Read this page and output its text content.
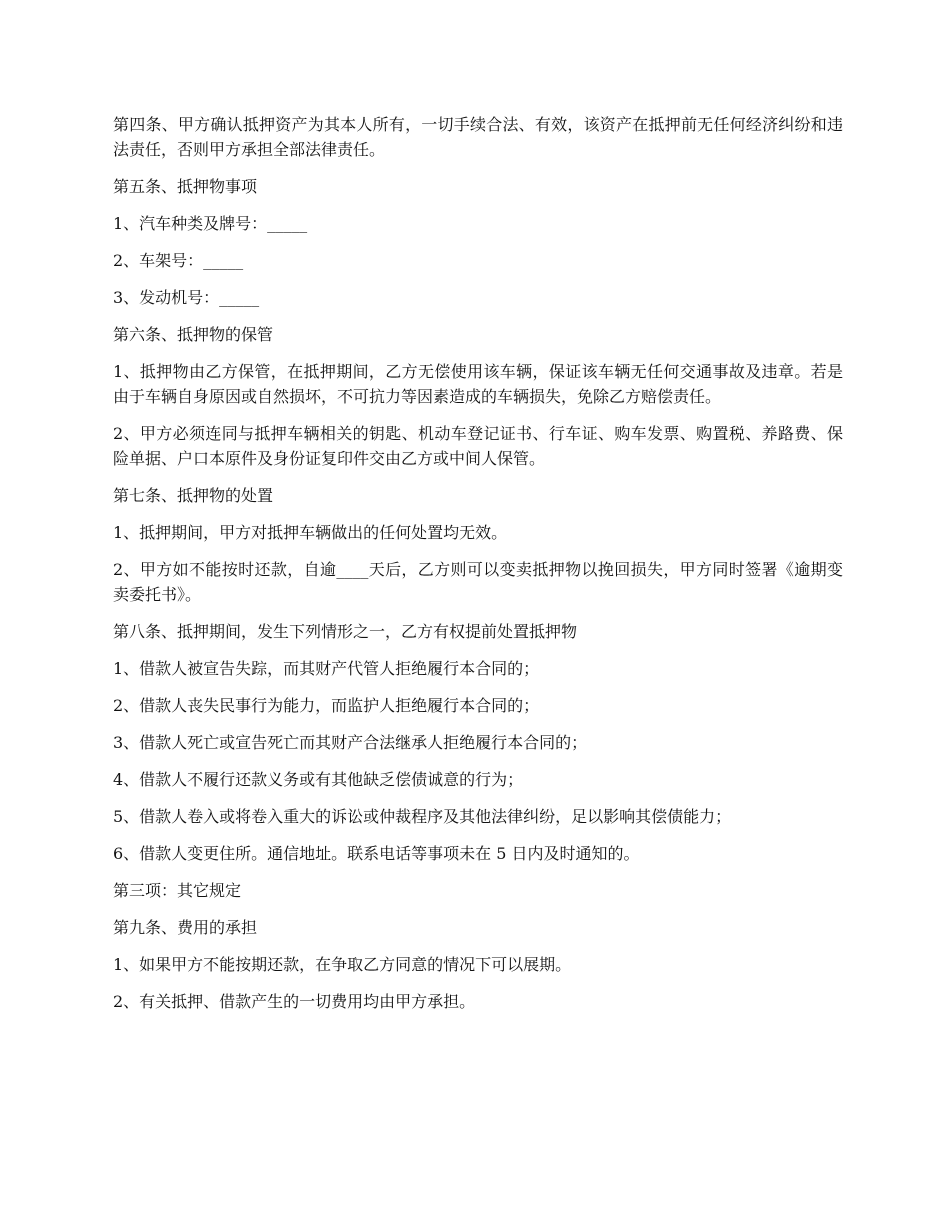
第四条、甲方确认抵押资产为其本人所有，一切手续合法、有效，该资产在抵押前无任何经济纠纷和违法责任，否则甲方承担全部法律责任。

第五条、抵押物事项

1、汽车种类及牌号：_____

2、车架号：_____

3、发动机号：_____

第六条、抵押物的保管

1、抵押物由乙方保管，在抵押期间，乙方无偿使用该车辆，保证该车辆无任何交通事故及违章。若是由于车辆自身原因或自然损坏，不可抗力等因素造成的车辆损失，免除乙方赔偿责任。

2、甲方必须连同与抵押车辆相关的钥匙、机动车登记证书、行车证、购车发票、购置税、养路费、保险单据、户口本原件及身份证复印件交由乙方或中间人保管。

第七条、抵押物的处置

1、抵押期间，甲方对抵押车辆做出的任何处置均无效。

2、甲方如不能按时还款，自逾____天后，乙方则可以变卖抵押物以挽回损失，甲方同时签署《逾期变卖委托书》。

第八条、抵押期间，发生下列情形之一，乙方有权提前处置抵押物

1、借款人被宣告失踪，而其财产代管人拒绝履行本合同的；

2、借款人丧失民事行为能力，而监护人拒绝履行本合同的；

3、借款人死亡或宣告死亡而其财产合法继承人拒绝履行本合同的；

4、借款人不履行还款义务或有其他缺乏偿债诚意的行为；

5、借款人卷入或将卷入重大的诉讼或仲裁程序及其他法律纠纷，足以影响其偿债能力；

6、借款人变更住所。通信地址。联系电话等事项未在 5 日内及时通知的。

第三项：其它规定

第九条、费用的承担

1、如果甲方不能按期还款，在争取乙方同意的情况下可以展期。

2、有关抵押、借款产生的一切费用均由甲方承担。
